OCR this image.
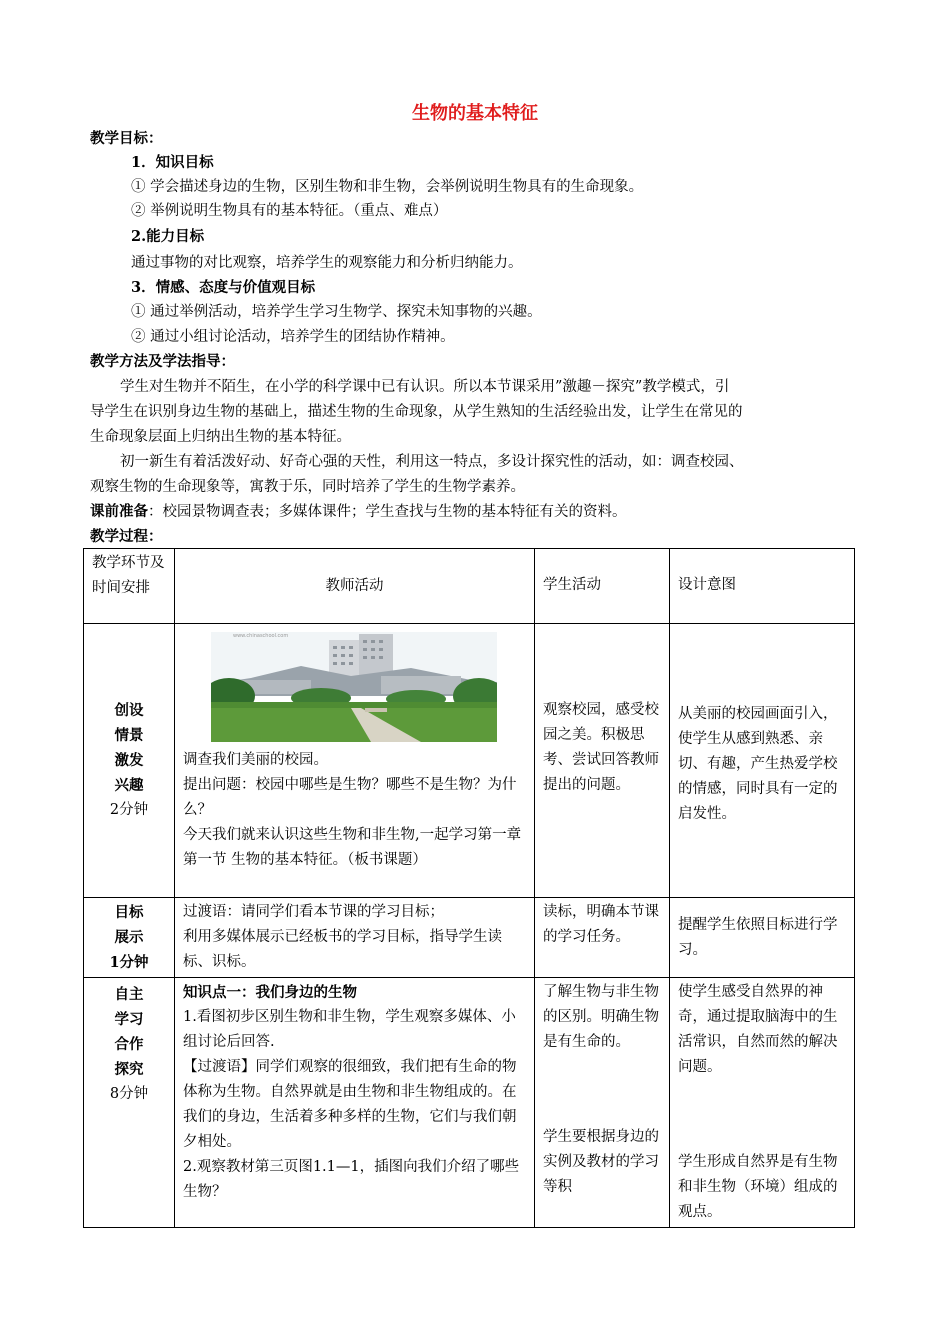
生物的基本特征
教学目标：
1．知识目标
① 学会描述身边的生物，区别生物和非生物，会举例说明生物具有的生命现象。
② 举例说明生物具有的基本特征。（重点、难点）
2.能力目标
通过事物的对比观察，培养学生的观察能力和分析归纳能力。
3．情感、态度与价值观目标
① 通过举例活动，培养学生学习生物学、探究未知事物的兴趣。
② 通过小组讨论活动，培养学生的团结协作精神。
教学方法及学法指导：
学生对生物并不陌生，在小学的科学课中已有认识。所以本节课采用”激趣－探究”教学模式，引
导学生在识别身边生物的基础上，描述生物的生命现象，从学生熟知的生活经验出发，让学生在常见的
生命现象层面上归纳出生物的基本特征。
初一新生有着活泼好动、好奇心强的天性，利用这一特点，多设计探究性的活动，如：调查校园、
观察生物的生命现象等，寓教于乐，同时培养了学生的生物学素养。
课前准备：校园景物调查表；多媒体课件；学生查找与生物的基本特征有关的资料。
教学过程：
教学环节及时间安排	教师活动	学生活动	设计意图

创设
情景
激发
兴趣
2分钟	www.chinaschool.com
调查我们美丽的校园。
提出问题：校园中哪些是生物？哪些不是生物？为什么？
今天我们就来认识这些生物和非生物,一起学习第一章第一节 生物的基本特征。（板书课题）	观察校园，感受校园之美。积极思考、尝试回答教师提出的问题。	从美丽的校园画面引入，使学生从感到熟悉、亲切、有趣，产生热爱学校的情感，同时具有一定的启发性。

目标
展示
1分钟	过渡语：请同学们看本节课的学习目标；
利用多媒体展示已经板书的学习目标，指导学生读标、识标。	读标，明确本节课的学习任务。	提醒学生依照目标进行学习。

自主
学习
合作
探究
8分钟	知识点一：我们身边的生物
1.看图初步区别生物和非生物，学生观察多媒体、小组讨论后回答.
【过渡语】同学们观察的很细致，我们把有生命的物体称为生物。自然界就是由生物和非生物组成的。在我们的身边，生活着多种多样的生物，它们与我们朝夕相处。
2.观察教材第三页图1.1—1，插图向我们介绍了哪些生物？	了解生物与非生物的区别。明确生物是有生命的。
学生要根据身边的实例及教材的学习等积	使学生感受自然界的神奇，通过提取脑海中的生活常识，自然而然的解决问题。
学生形成自然界是有生物和非生物（环境）组成的观点。
